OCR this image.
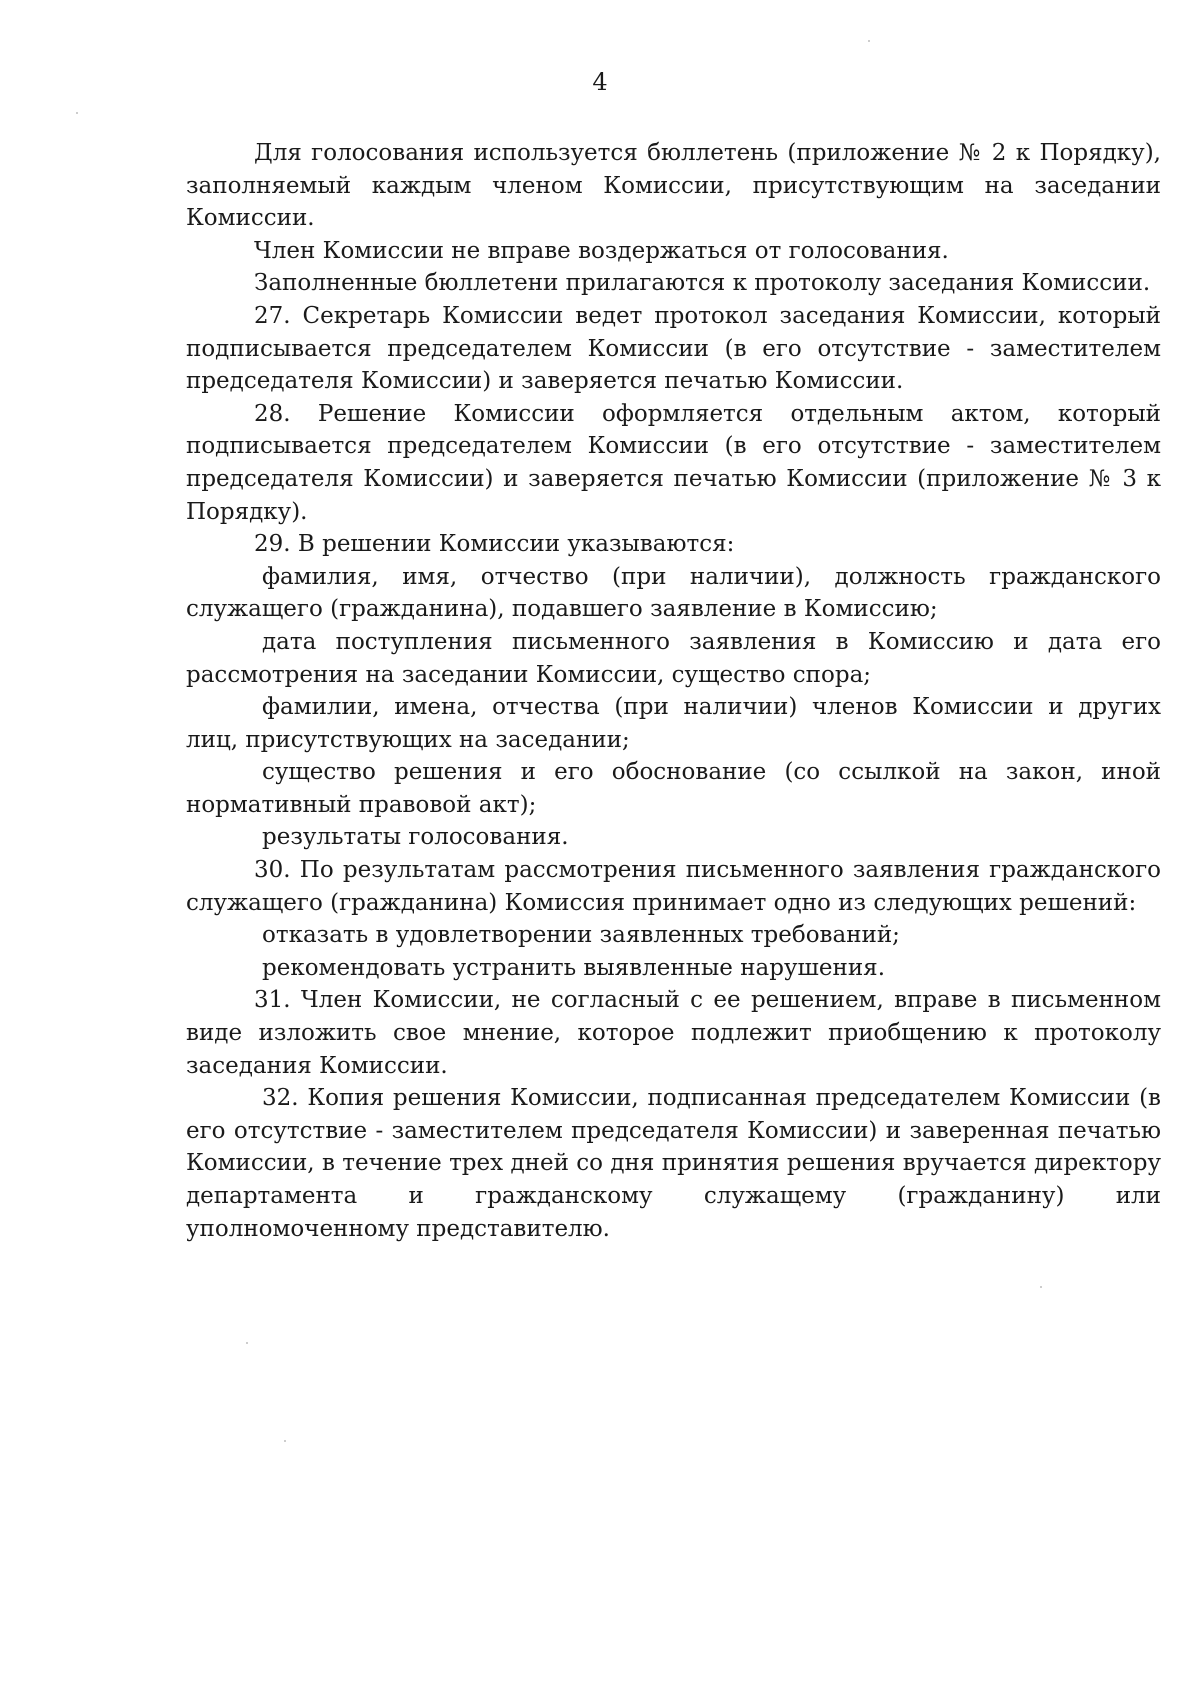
4

Для голосования используется бюллетень (приложение № 2 к Порядку), заполняемый каждым членом Комиссии, присутствующим на заседании Комиссии.

Член Комиссии не вправе воздержаться от голосования.

Заполненные бюллетени прилагаются к протоколу заседания Комиссии.

27. Секретарь Комиссии ведет протокол заседания Комиссии, который подписывается председателем Комиссии (в его отсутствие - заместителем председателя Комиссии) и заверяется печатью Комиссии.

28. Решение Комиссии оформляется отдельным актом, который подписывается председателем Комиссии (в его отсутствие - заместителем председателя Комиссии) и заверяется печатью Комиссии (приложение № 3 к Порядку).

29. В решении Комиссии указываются:

фамилия, имя, отчество (при наличии), должность гражданского служащего (гражданина), подавшего заявление в Комиссию;

дата поступления письменного заявления в Комиссию и дата его рассмотрения на заседании Комиссии, существо спора;

фамилии, имена, отчества (при наличии) членов Комиссии и других лиц, присутствующих на заседании;

существо решения и его обоснование (со ссылкой на закон, иной нормативный правовой акт);

результаты голосования.

30. По результатам рассмотрения письменного заявления гражданского служащего (гражданина) Комиссия принимает одно из следующих решений:

отказать в удовлетворении заявленных требований;

рекомендовать устранить выявленные нарушения.

31. Член Комиссии, не согласный с ее решением, вправе в письменном виде изложить свое мнение, которое подлежит приобщению к протоколу заседания Комиссии.

32. Копия решения Комиссии, подписанная председателем Комиссии (в его отсутствие - заместителем председателя Комиссии) и заверенная печатью Комиссии, в течение трех дней со дня принятия решения вручается директору департамента и гражданскому служащему (гражданину) или уполномоченному представителю.
